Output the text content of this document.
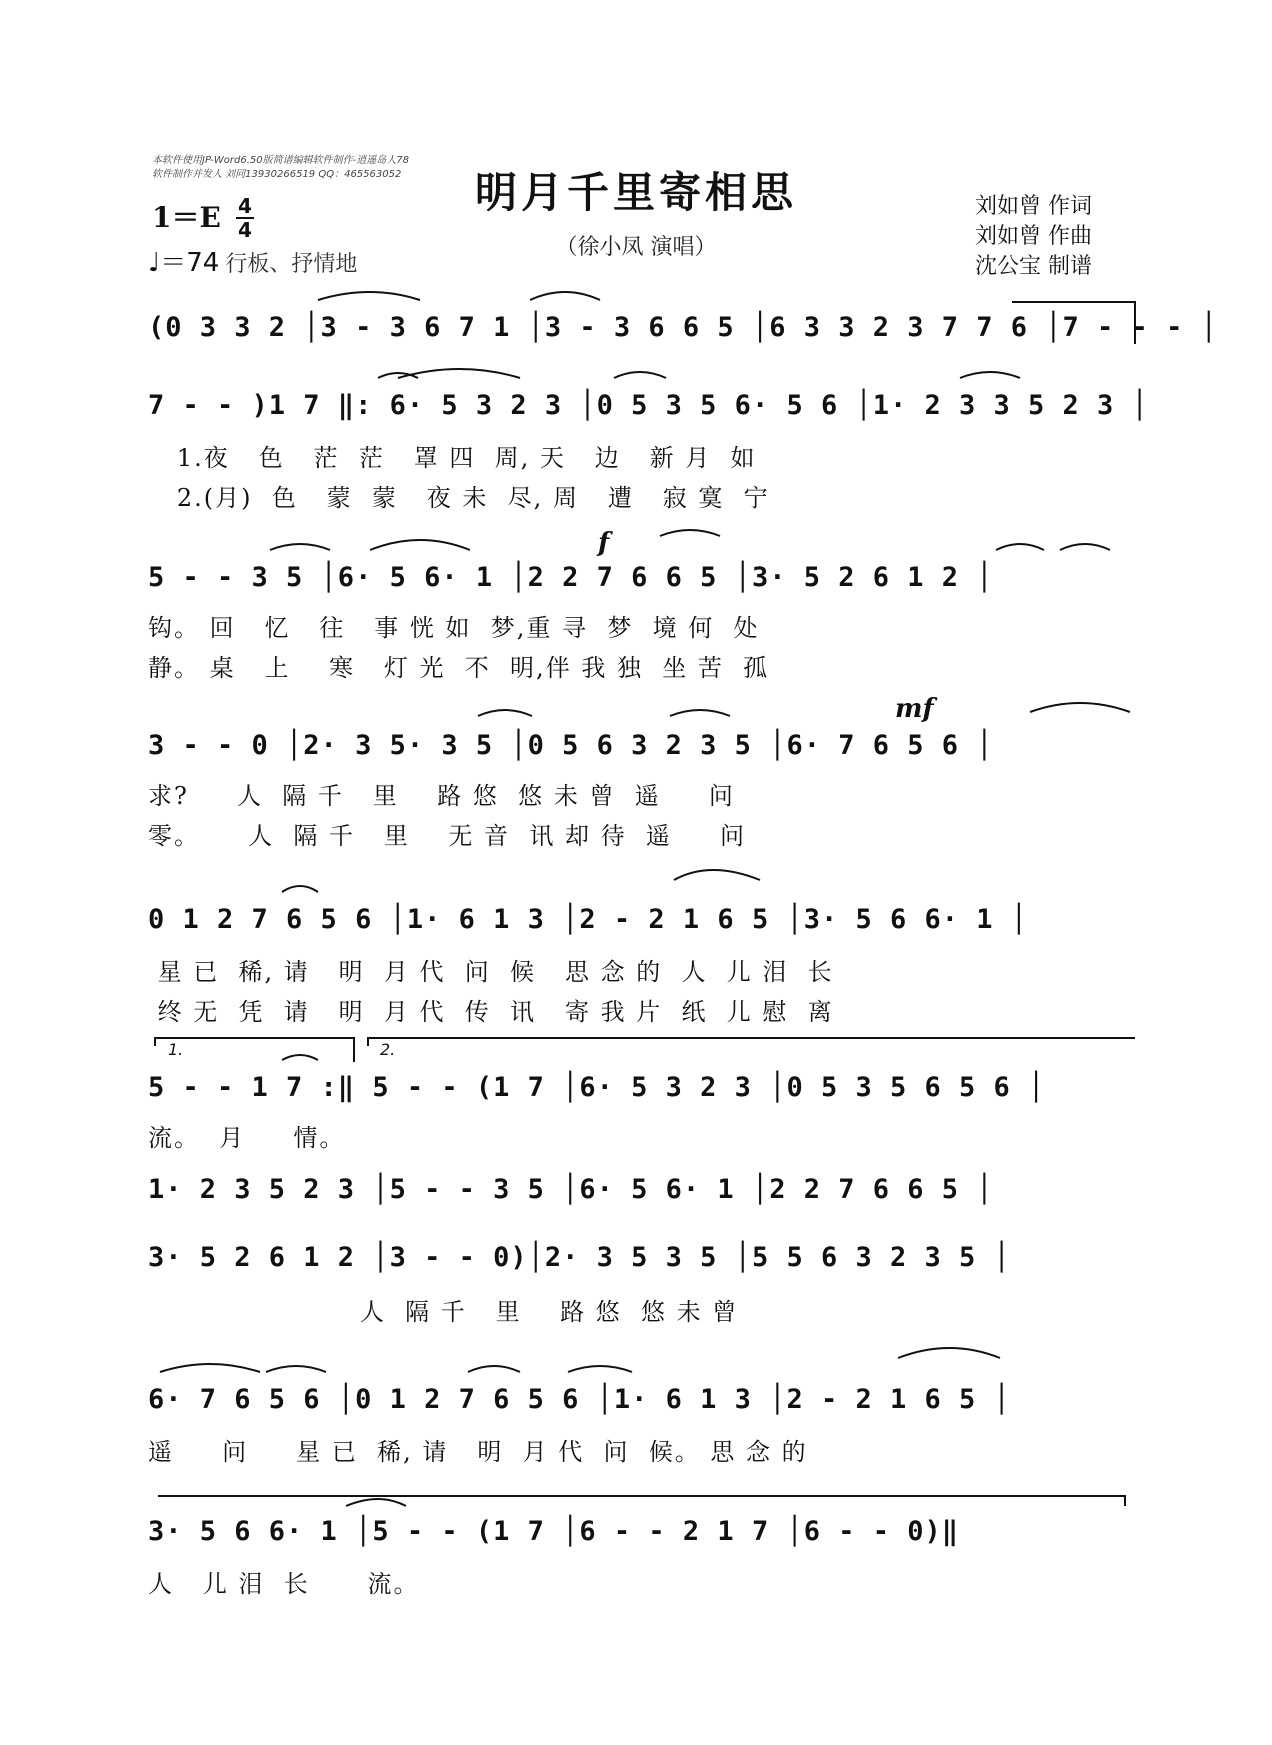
本软件使用JP-Word6.50版简谱编辑软件制作-逍遥岛人78
软件制作并发人 刘同13930266519 QQ：465563052	明月千里寄相思
（徐小凤 演唱）
1＝E 4
4
♩＝74 行板、抒情地
刘如曾 作词
刘如曾 作曲
沈公宝 制谱
(0 3 3 2 │3 - 3 6 7 1 │3 - 3 6 6 5 │6 3 3 2 3 7 7 6 │7 - - - │
7 - - )1 7 ‖: 6· 5 3 2 3 │0 5 3 5 6· 5 6 │1· 2 3 3 5 2 3 │
1.夜   色   茫  茫   罩 四  周, 天   边   新 月  如
2.(月)  色   蒙  蒙   夜 未  尽, 周   遭   寂 寞  宁
f
5 - - 3 5 │6· 5 6· 1 │2 2 7 6 6 5 │3· 5 2 6 1 2 │
钩。 回   忆   往   事 恍 如  梦,重 寻  梦  境 何  处
静。 桌   上    寒   灯 光  不  明,伴 我 独  坐 苦  孤
mf
3 - - 0 │2· 3 5· 3 5 │0 5 6 3 2 3 5 │6· 7 6 5 6 │
求?     人  隔 千   里    路 悠  悠 未 曾  遥     问
零。     人  隔 千   里    无 音  讯 却 待  遥     问
0 1 2 7 6 5 6 │1· 6 1 3 │2 - 2 1 6 5 │3· 5 6 6· 1 │
星 已  稀, 请   明  月 代  问  候   思 念 的  人  儿 泪  长
终 无  凭  请   明  月 代  传  讯   寄 我 片  纸  儿 慰  离
1.	2.
5 - - 1 7 :‖ 5 - - (1 7 │6· 5 3 2 3 │0 5 3 5 6 5 6 │
流。  月     情。
1· 2 3 5 2 3 │5 - - 3 5 │6· 5 6· 1 │2 2 7 6 6 5 │
3· 5 2 6 1 2 │3 - - 0)│2· 3 5 3 5 │5 5 6 3 2 3 5 │
人  隔 千   里    路 悠  悠 未 曾
6· 7 6 5 6 │0 1 2 7 6 5 6 │1· 6 1 3 │2 - 2 1 6 5 │
遥     问     星 已  稀, 请   明  月 代  问  候。 思 念 的
3· 5 6 6· 1 │5 - - (1 7 │6 - - 2 1 7 │6 - - 0)‖
人   儿 泪  长      流。
